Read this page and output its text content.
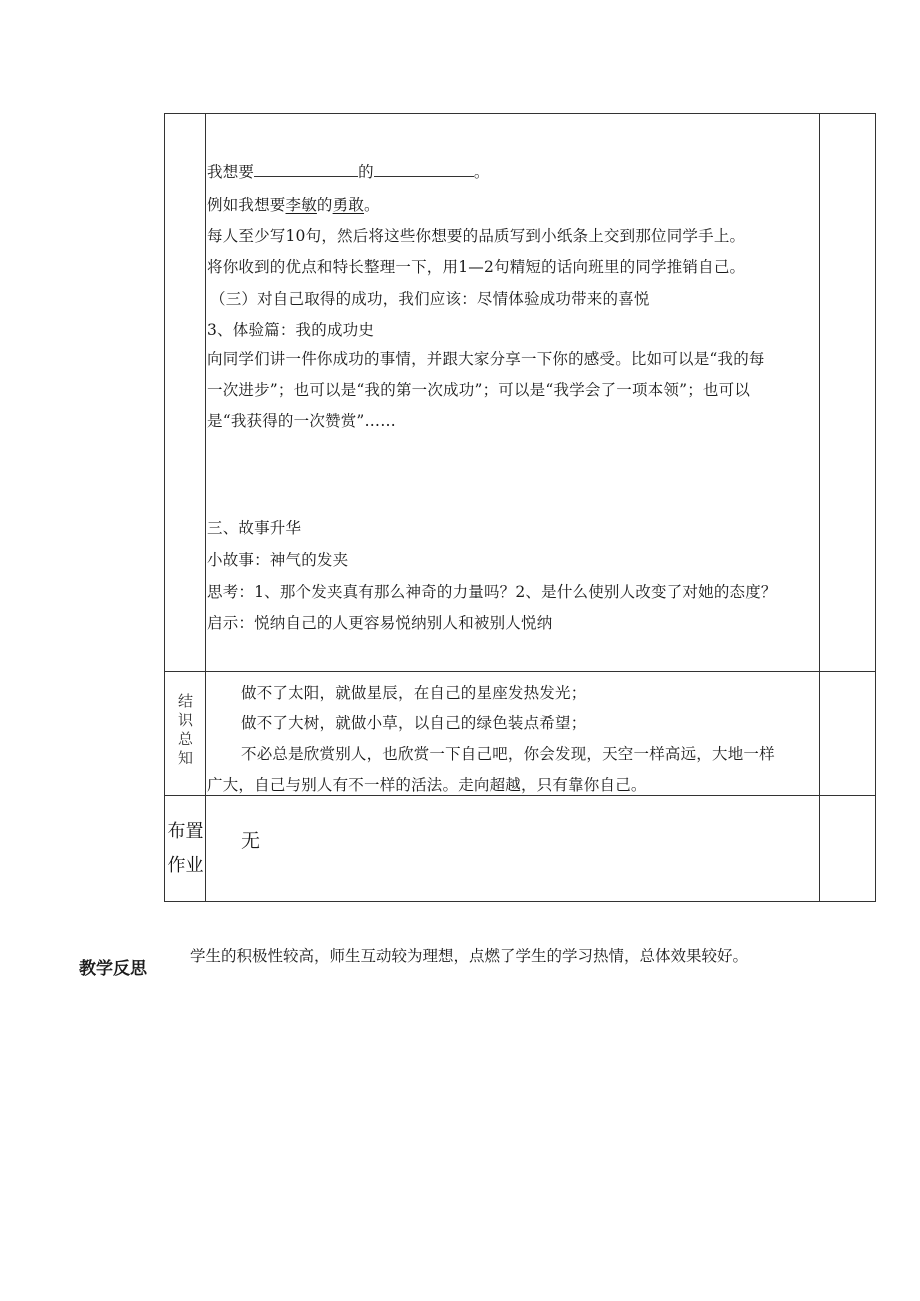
我想要	的	。
例如我想要李敏的勇敢。
每人至少写10句，然后将这些你想要的品质写到小纸条上交到那位同学手上。
将你收到的优点和特长整理一下，用1—2句精短的话向班里的同学推销自己。
（三）对自己取得的成功，我们应该：尽情体验成功带来的喜悦
3、体验篇：我的成功史
向同学们讲一件你成功的事情，并跟大家分享一下你的感受。比如可以是“我的每
一次进步”；也可以是“我的第一次成功”；可以是“我学会了一项本领”；也可以
是“我获得的一次赞赏”……
三、故事升华
小故事：神气的发夹
思考：1、那个发夹真有那么神奇的力量吗？2、是什么使别人改变了对她的态度？
启示：悦纳自己的人更容易悦纳别人和被别人悦纳
结
识
总
知
做不了太阳，就做星辰，在自己的星座发热发光；
做不了大树，就做小草，以自己的绿色装点希望；
不必总是欣赏别人，也欣赏一下自己吧，你会发现，天空一样高远，大地一样
广大，自己与别人有不一样的活法。走向超越，只有靠你自己。
布置
作业
无
教学反思
学生的积极性较高，师生互动较为理想，点燃了学生的学习热情，总体效果较好。
